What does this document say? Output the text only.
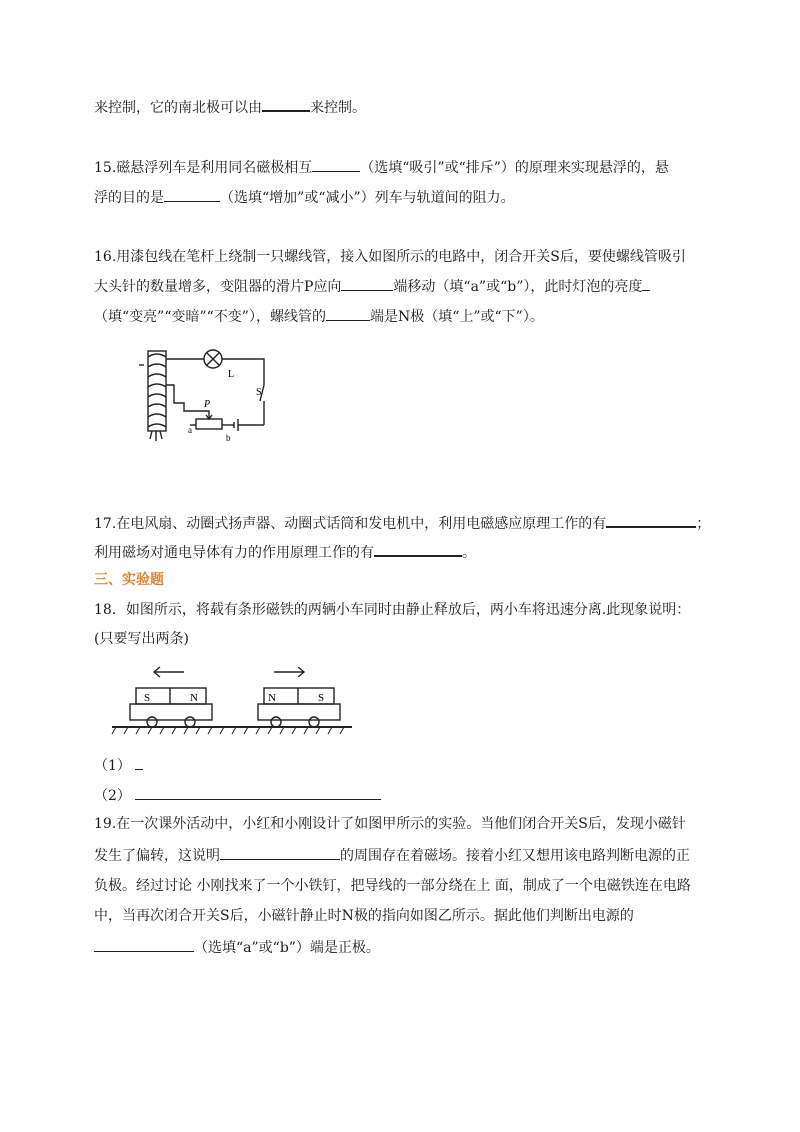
来控制，它的南北极可以由	来控制。
15.磁悬浮列车是利用同名磁极相互	（选填“吸引”或“排斥”）的原理来实现悬浮的，悬
浮的目的是	（选填“增加”或“减小”）列车与轨道间的阻力。
16.用漆包线在笔杆上绕制一只螺线管，接入如图所示的电路中，闭合开关S后，要使螺线管吸引
大头针的数量增多，变阻器的滑片P应向	端移动（填“a”或“b”），此时灯泡的亮度
（填“变亮”“变暗”“不变”），螺线管的	端是N极（填“上”或“下”）。
L
S
P
a
b
17.在电风扇、动圈式扬声器、动圈式话筒和发电机中，利用电磁感应原理工作的有	；
利用磁场对通电导体有力的作用原理工作的有	。
三、实验题
18．如图所示，将载有条形磁铁的两辆小车同时由静止释放后，两小车将迅速分离.此现象说明：
(只要写出两条)
S	N	N	S
（1）
（2）
19.在一次课外活动中，小红和小刚设计了如图甲所示的实验。当他们闭合开关S后，发现小磁针
发生了偏转，这说明	的周围存在着磁场。接着小红又想用该电路判断电源的正
负极。经过讨论 小刚找来了一个小铁钉，把导线的一部分绕在上 面，制成了一个电磁铁连在电路
中，当再次闭合开关S后，小磁针静止时N极的指向如图乙所示。据此他们判断出电源的
（选填“a”或“b”）端是正极。
